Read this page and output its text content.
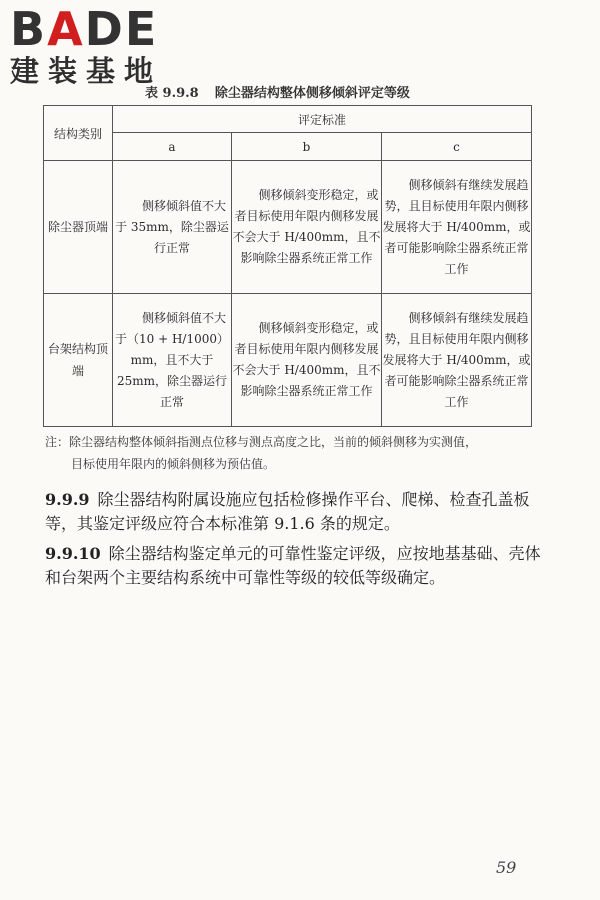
BADE
建装基地
表 9.9.8 除尘器结构整体侧移倾斜评定等级
结构类别	评定标准		
	a	b	c
除尘器顶端	侧移倾斜值不大于 35mm，除尘器运行正常	侧移倾斜变形稳定，或者目标使用年限内侧移发展不会大于 H/400mm，且不影响除尘器系统正常工作	侧移倾斜有继续发展趋势，且目标使用年限内侧移发展将大于 H/400mm，或者可能影响除尘器系统正常工作
台架结构顶端	侧移倾斜值不大于（10 + H/1000）mm，且不大于 25mm，除尘器运行正常	侧移倾斜变形稳定，或者目标使用年限内侧移发展不会大于 H/400mm，且不影响除尘器系统正常工作	侧移倾斜有继续发展趋势，且目标使用年限内侧移发展将大于 H/400mm，或者可能影响除尘器系统正常工作
注：除尘器结构整体倾斜指测点位移与测点高度之比，当前的倾斜侧移为实测值，
目标使用年限内的倾斜侧移为预估值。
9.9.9 除尘器结构附属设施应包括检修操作平台、爬梯、检查孔盖板等，其鉴定评级应符合本标准第 9.1.6 条的规定。
9.9.10 除尘器结构鉴定单元的可靠性鉴定评级，应按地基基础、壳体和台架两个主要结构系统中可靠性等级的较低等级确定。
59
